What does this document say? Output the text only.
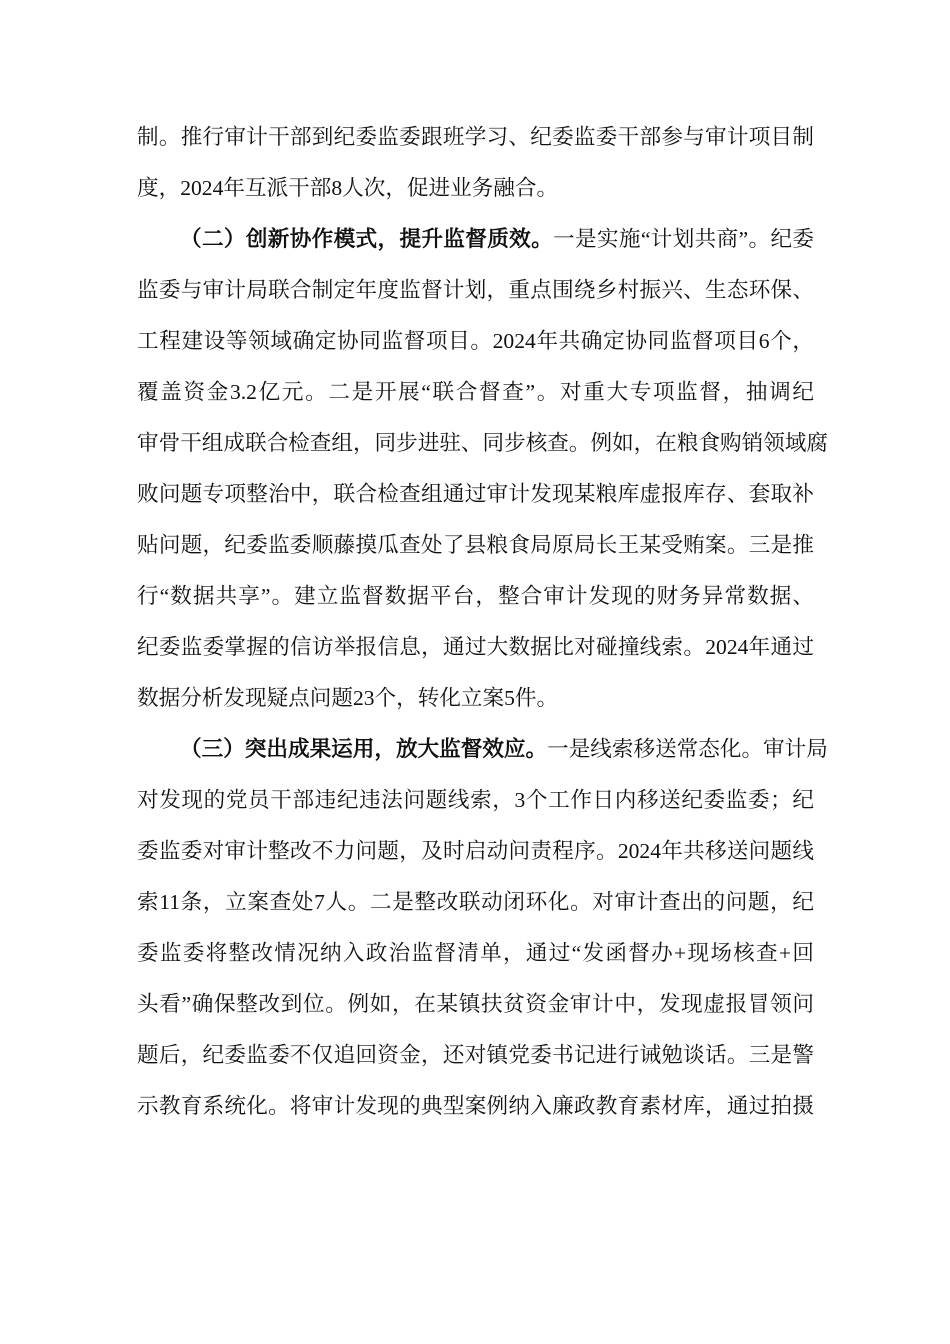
制。推行审计干部到纪委监委跟班学习、纪委监委干部参与审计项目制
度，2024年互派干部8人次，促进业务融合。
（二）创新协作模式，提升监督质效。一是实施“计划共商”。纪委
监委与审计局联合制定年度监督计划，重点围绕乡村振兴、生态环保、
工程建设等领域确定协同监督项目。2024年共确定协同监督项目6个，
覆盖资金3.2亿元。二是开展“联合督查”。对重大专项监督，抽调纪
审骨干组成联合检查组，同步进驻、同步核查。例如，在粮食购销领域腐
败问题专项整治中，联合检查组通过审计发现某粮库虚报库存、套取补
贴问题，纪委监委顺藤摸瓜查处了县粮食局原局长王某受贿案。三是推
行“数据共享”。建立监督数据平台，整合审计发现的财务异常数据、
纪委监委掌握的信访举报信息，通过大数据比对碰撞线索。2024年通过
数据分析发现疑点问题23个，转化立案5件。
（三）突出成果运用，放大监督效应。一是线索移送常态化。审计局
对发现的党员干部违纪违法问题线索，3个工作日内移送纪委监委；纪
委监委对审计整改不力问题，及时启动问责程序。2024年共移送问题线
索11条，立案查处7人。二是整改联动闭环化。对审计查出的问题，纪
委监委将整改情况纳入政治监督清单，通过“发函督办+现场核查+回
头看”确保整改到位。例如，在某镇扶贫资金审计中，发现虚报冒领问
题后，纪委监委不仅追回资金，还对镇党委书记进行诫勉谈话。三是警
示教育系统化。将审计发现的典型案例纳入廉政教育素材库，通过拍摄
